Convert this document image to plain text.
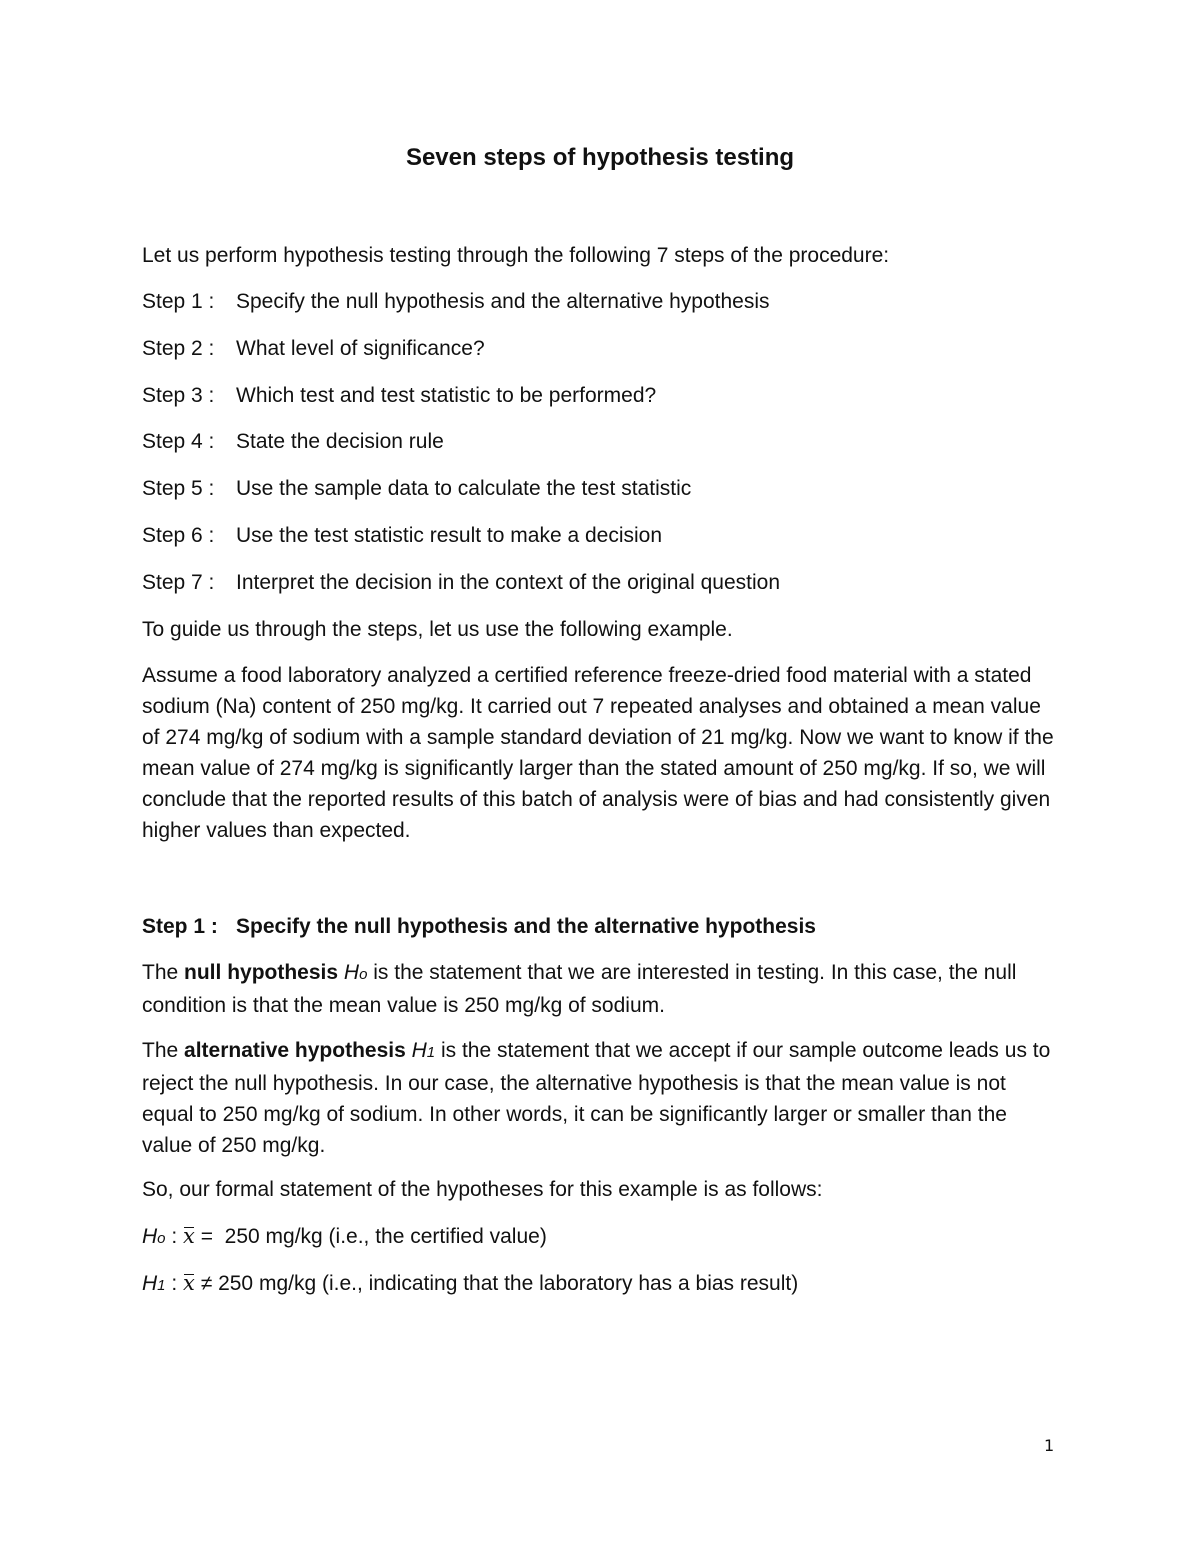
Seven steps of hypothesis testing

Let us perform hypothesis testing through the following 7 steps of the procedure:

Step 1 : Specify the null hypothesis and the alternative hypothesis

Step 2 : What level of significance?

Step 3 : Which test and test statistic to be performed?

Step 4 : State the decision rule

Step 5 : Use the sample data to calculate the test statistic

Step 6 : Use the test statistic result to make a decision

Step 7 : Interpret the decision in the context of the original question

To guide us through the steps, let us use the following example.

Assume a food laboratory analyzed a certified reference freeze-dried food material with a stated sodium (Na) content of 250 mg/kg. It carried out 7 repeated analyses and obtained a mean value of 274 mg/kg of sodium with a sample standard deviation of 21 mg/kg. Now we want to know if the mean value of 274 mg/kg is significantly larger than the stated amount of 250 mg/kg. If so, we will conclude that the reported results of this batch of analysis were of bias and had consistently given higher values than expected.

Step 1 : Specify the null hypothesis and the alternative hypothesis

The null hypothesis Ho is the statement that we are interested in testing. In this case, the null condition is that the mean value is 250 mg/kg of sodium.

The alternative hypothesis H1 is the statement that we accept if our sample outcome leads us to reject the null hypothesis. In our case, the alternative hypothesis is that the mean value is not equal to 250 mg/kg of sodium. In other words, it can be significantly larger or smaller than the value of 250 mg/kg.

So, our formal statement of the hypotheses for this example is as follows:

Ho : x =  250 mg/kg (i.e., the certified value)

H1 : x ≠ 250 mg/kg (i.e., indicating that the laboratory has a bias result)

1
